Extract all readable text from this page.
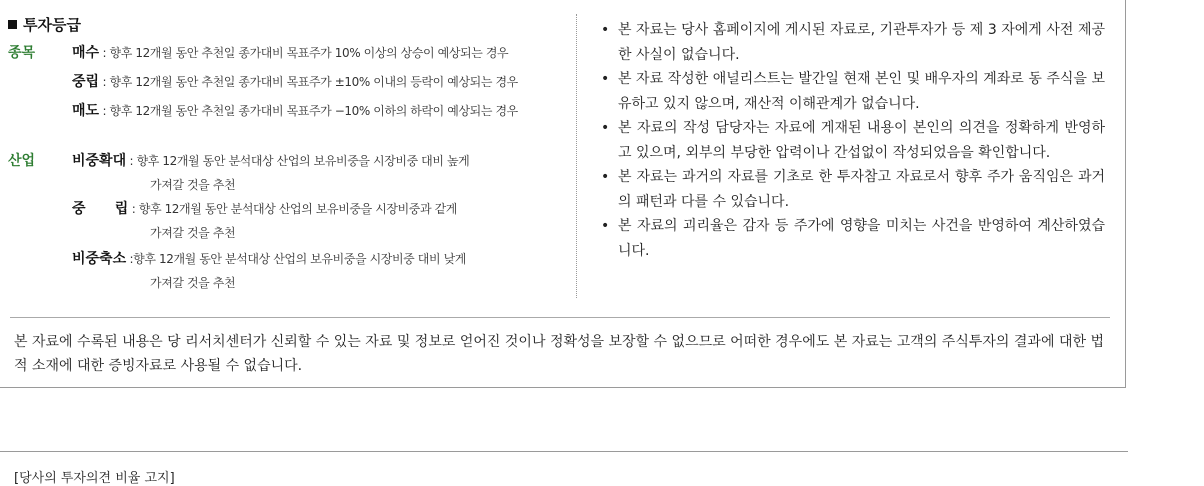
투자등급
종목	매수 : 향후 12개월 동안 추천일 종가대비 목표주가 10% 이상의 상승이 예상되는 경우
중립 : 향후 12개월 동안 추천일 종가대비 목표주가 ±10% 이내의 등락이 예상되는 경우
매도 : 향후 12개월 동안 추천일 종가대비 목표주가 −10% 이하의 하락이 예상되는 경우
산업	비중확대 : 향후 12개월 동안 분석대상 산업의 보유비중을 시장비중 대비 높게
가져갈 것을 추천
중      립 : 향후 12개월 동안 분석대상 산업의 보유비중을 시장비중과 같게
가져갈 것을 추천
비중축소 :향후 12개월 동안 분석대상 산업의 보유비중을 시장비중 대비 낮게
가져갈 것을 추천
• 본 자료는 당사 홈페이지에 게시된 자료로, 기관투자가 등 제 3 자에게 사전 제공한 사실이 없습니다.
• 본 자료 작성한 애널리스트는 발간일 현재 본인 및 배우자의 계좌로 동 주식을 보유하고 있지 않으며, 재산적 이해관계가 없습니다.
• 본 자료의 작성 담당자는 자료에 게재된 내용이 본인의 의견을 정확하게 반영하고 있으며, 외부의 부당한 압력이나 간섭없이 작성되었음을 확인합니다.
• 본 자료는 과거의 자료를 기초로 한 투자참고 자료로서 향후 주가 움직임은 과거의 패턴과 다를 수 있습니다.
• 본 자료의 괴리율은 감자 등 주가에 영향을 미치는 사건을 반영하여 계산하였습니다.
본 자료에 수록된 내용은 당 리서치센터가 신뢰할 수 있는 자료 및 정보로 얻어진 것이나 정확성을 보장할 수 없으므로 어떠한 경우에도 본 자료는 고객의 주식투자의 결과에 대한 법적 소재에 대한 증빙자료로 사용될 수 없습니다.
[당사의 투자의견 비율 고지]
